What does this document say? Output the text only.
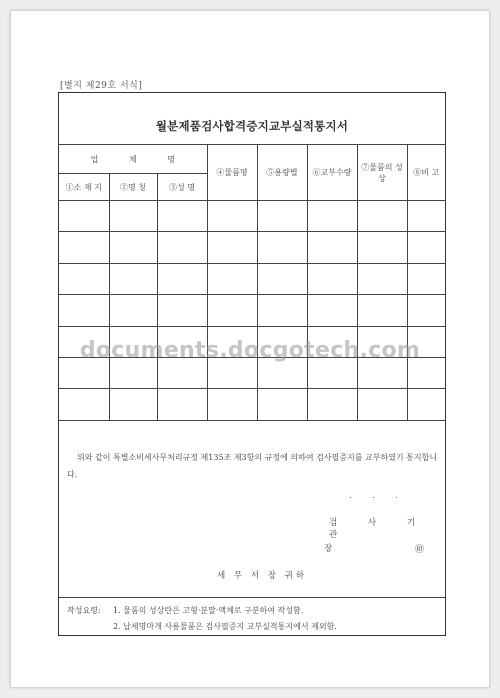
[별지 제29호 서식]
월분제품검사합격증지교부실적통지서
업 체 명			④물품명	⑤용량별	⑥교부수량	⑦물품의 성 상	⑧비 고
①소 재 지	②명 칭	③성 명					

위와 같이 특별소비세사무처리규정 제135조 제3항의 규정에 의하여 검사필증지를 교부하였기 통지합니다.
. . .
검 사 기 관
장	㊞
세 무 서 장 귀하
작성요령: 1. 물품의 성상란은 고형·분말·액체로 구분하여 작성함.
2. 납세명마개 사용물품은 검사필증지 교부실적통지에서 제외함.
documents.docgotech.com
